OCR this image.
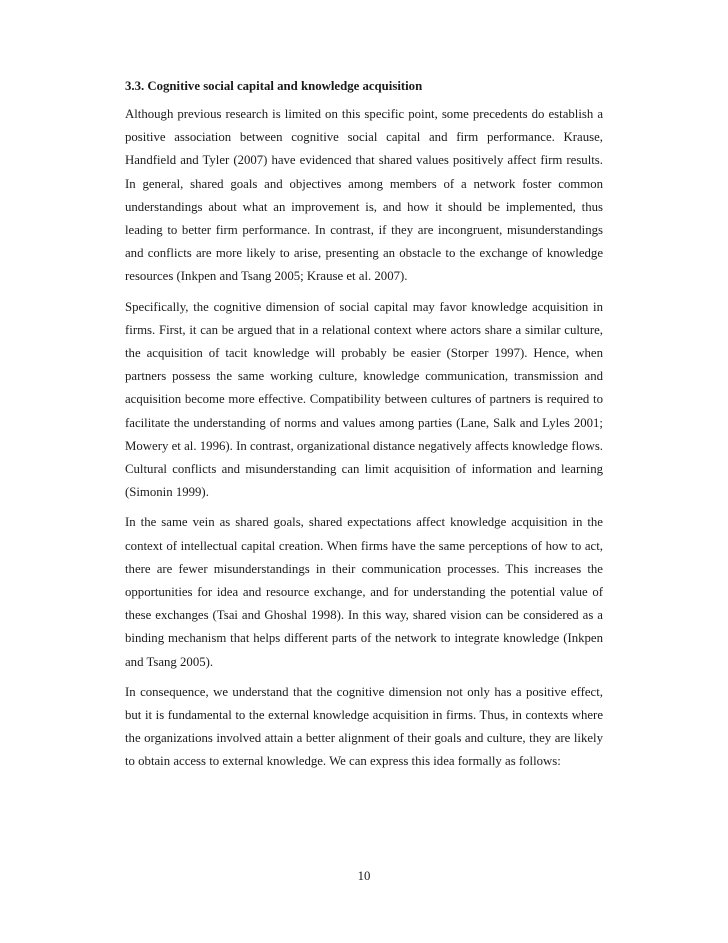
3.3. Cognitive social capital and knowledge acquisition

Although previous research is limited on this specific point, some precedents do establish a positive association between cognitive social capital and firm performance. Krause, Handfield and Tyler (2007) have evidenced that shared values positively affect firm results. In general, shared goals and objectives among members of a network foster common understandings about what an improvement is, and how it should be implemented, thus leading to better firm performance. In contrast, if they are incongruent, misunderstandings and conflicts are more likely to arise, presenting an obstacle to the exchange of knowledge resources (Inkpen and Tsang 2005; Krause et al. 2007).

Specifically, the cognitive dimension of social capital may favor knowledge acquisition in firms. First, it can be argued that in a relational context where actors share a similar culture, the acquisition of tacit knowledge will probably be easier (Storper 1997). Hence, when partners possess the same working culture, knowledge communication, transmission and acquisition become more effective. Compatibility between cultures of partners is required to facilitate the understanding of norms and values among parties (Lane, Salk and Lyles 2001; Mowery et al. 1996). In contrast, organizational distance negatively affects knowledge flows. Cultural conflicts and misunderstanding can limit acquisition of information and learning (Simonin 1999).

In the same vein as shared goals, shared expectations affect knowledge acquisition in the context of intellectual capital creation. When firms have the same perceptions of how to act, there are fewer misunderstandings in their communication processes. This increases the opportunities for idea and resource exchange, and for understanding the potential value of these exchanges (Tsai and Ghoshal 1998). In this way, shared vision can be considered as a binding mechanism that helps different parts of the network to integrate knowledge (Inkpen and Tsang 2005).

In consequence, we understand that the cognitive dimension not only has a positive effect, but it is fundamental to the external knowledge acquisition in firms. Thus, in contexts where the organizations involved attain a better alignment of their goals and culture, they are likely to obtain access to external knowledge. We can express this idea formally as follows:

10
